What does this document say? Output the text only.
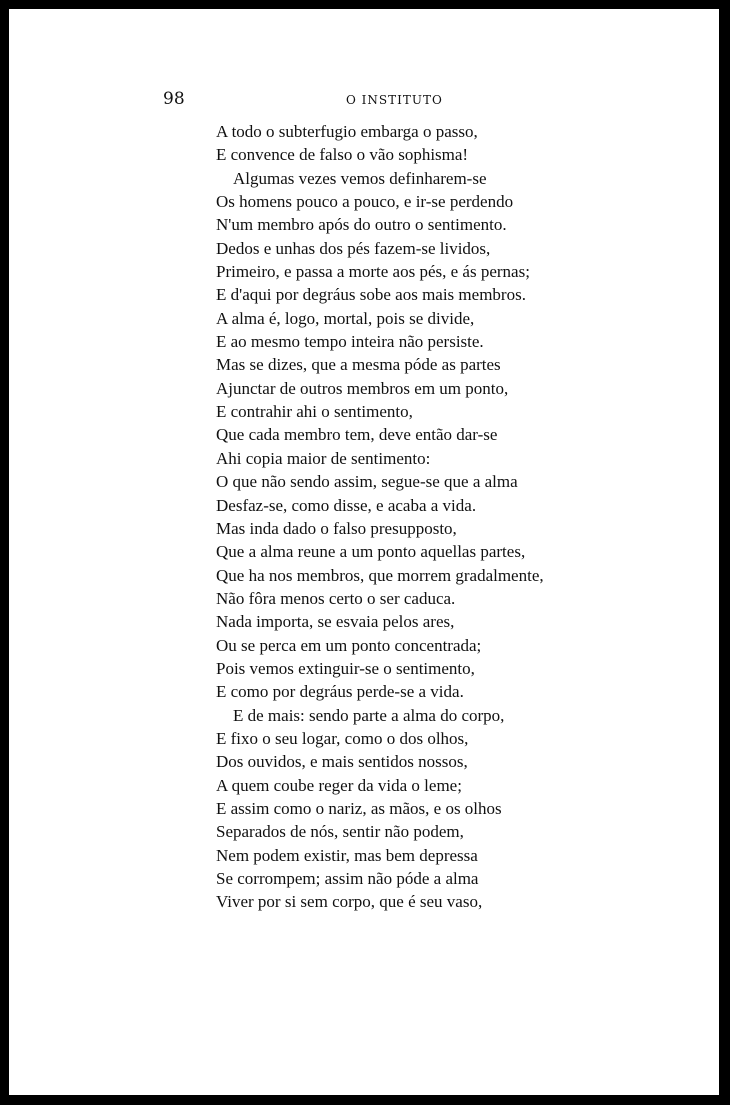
98	O INSTITUTO
A todo o subterfugio embarga o passo,
E convence de falso o vão sophisma!
Algumas vezes vemos definharem-se
Os homens pouco a pouco, e ir-se perdendo
N'um membro após do outro o sentimento.
Dedos e unhas dos pés fazem-se lividos,
Primeiro, e passa a morte aos pés, e ás pernas;
E d'aqui por degráus sobe aos mais membros.
A alma é, logo, mortal, pois se divide,
E ao mesmo tempo inteira não persiste.
Mas se dizes, que a mesma póde as partes
Ajunctar de outros membros em um ponto,
E contrahir ahi o sentimento,
Que cada membro tem, deve então dar-se
Ahi copia maior de sentimento:
O que não sendo assim, segue-se que a alma
Desfaz-se, como disse, e acaba a vida.
Mas inda dado o falso presupposto,
Que a alma reune a um ponto aquellas partes,
Que ha nos membros, que morrem gradalmente,
Não fôra menos certo o ser caduca.
Nada importa, se esvaia pelos ares,
Ou se perca em um ponto concentrada;
Pois vemos extinguir-se o sentimento,
E como por degráus perde-se a vida.
E de mais: sendo parte a alma do corpo,
E fixo o seu logar, como o dos olhos,
Dos ouvidos, e mais sentidos nossos,
A quem coube reger da vida o leme;
E assim como o nariz, as mãos, e os olhos
Separados de nós, sentir não podem,
Nem podem existir, mas bem depressa
Se corrompem; assim não póde a alma
Viver por si sem corpo, que é seu vaso,
